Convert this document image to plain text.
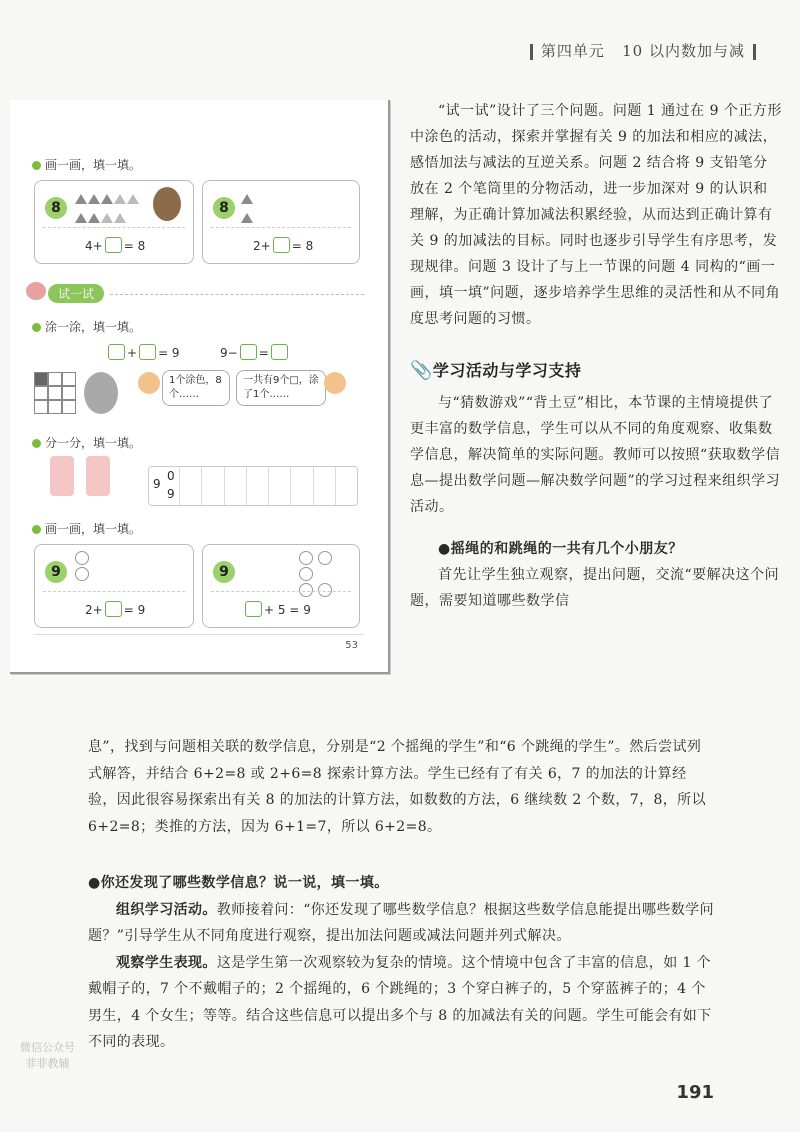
第四单元 10 以内数加与减
画一画，填一填。
8

4+ = 8
8

2+ = 8
试一试
涂一涂，填一填。
+ = 9	9− =
1个涂色，8个……
一共有9个□，涂了1个……
分一分，填一填。
9
0
9
画一画，填一填。
9

2+ = 9
9

+ 5 = 9
53

“试一试”设计了三个问题。问题 1 通过在 9 个正方形中涂色的活动，探索并掌握有关 9 的加法和相应的减法，感悟加法与减法的互逆关系。问题 2 结合将 9 支铅笔分放在 2 个笔筒里的分物活动，进一步加深对 9 的认识和理解，为正确计算加减法积累经验，从而达到正确计算有关 9 的加减法的目标。同时也逐步引导学生有序思考，发现规律。问题 3 设计了与上一节课的问题 4 同构的“画一画，填一填”问题，逐步培养学生思维的灵活性和从不同角度思考问题的习惯。

📎学习活动与学习支持

与“猜数游戏”“背土豆”相比，本节课的主情境提供了更丰富的数学信息，学生可以从不同的角度观察、收集数学信息，解决简单的实际问题。教师可以按照“获取数学信息—提出数学问题—解决数学问题”的学习过程来组织学习活动。

●摇绳的和跳绳的一共有几个小朋友？

首先让学生独立观察，提出问题，交流“要解决这个问题，需要知道哪些数学信

息”，找到与问题相关联的数学信息，分别是“2 个摇绳的学生”和“6 个跳绳的学生”。然后尝试列式解答，并结合 6+2=8 或 2+6=8 探索计算方法。学生已经有了有关 6，7 的加法的计算经验，因此很容易探索出有关 8 的加法的计算方法，如数数的方法，6 继续数 2 个数，7，8，所以 6+2=8；类推的方法，因为 6+1=7，所以 6+2=8。

●你还发现了哪些数学信息？说一说，填一填。

组织学习活动。教师接着问：“你还发现了哪些数学信息？根据这些数学信息能提出哪些数学问题？”引导学生从不同角度进行观察，提出加法问题或减法问题并列式解决。

观察学生表现。这是学生第一次观察较为复杂的情境。这个情境中包含了丰富的信息，如 1 个戴帽子的，7 个不戴帽子的；2 个摇绳的，6 个跳绳的；3 个穿白裤子的，5 个穿蓝裤子的；4 个男生，4 个女生；等等。结合这些信息可以提出多个与 8 的加减法有关的问题。学生可能会有如下不同的表现。

微信公众号
菲菲教辅
191
